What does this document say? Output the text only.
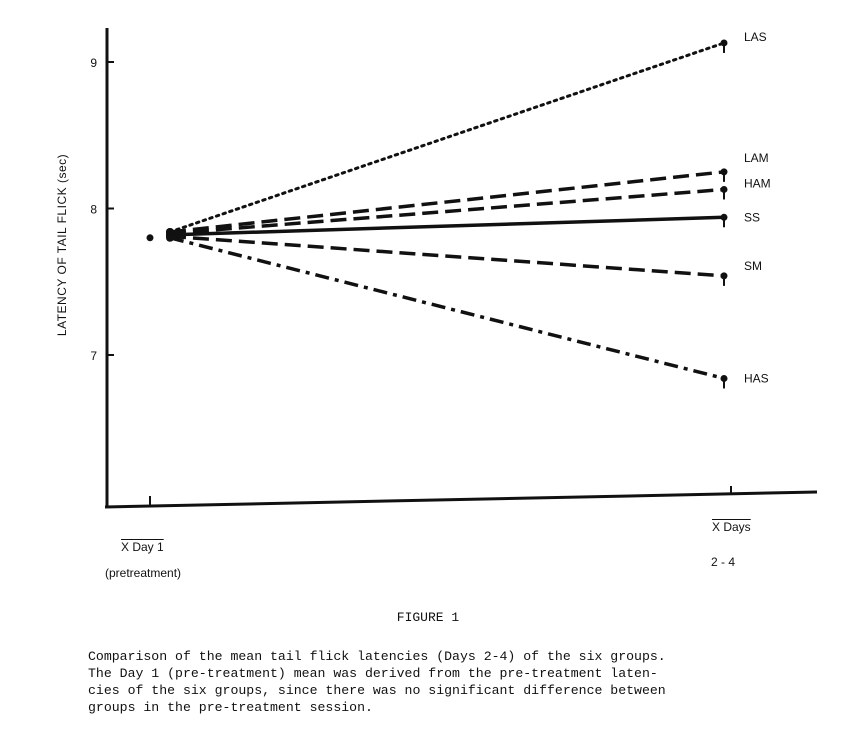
9
8
7
LAS
LAM
HAM
SS
SM
HAS
LATENCY OF TAIL FLICK (sec)
X Day 1
(pretreatment)
X Days
2 - 4
FIGURE 1
Comparison of the mean tail flick latencies (Days 2-4) of the six groups.
The Day 1 (pre-treatment) mean was derived from the pre-treatment laten-
cies of the six groups, since there was no significant difference between
groups in the pre-treatment session.
